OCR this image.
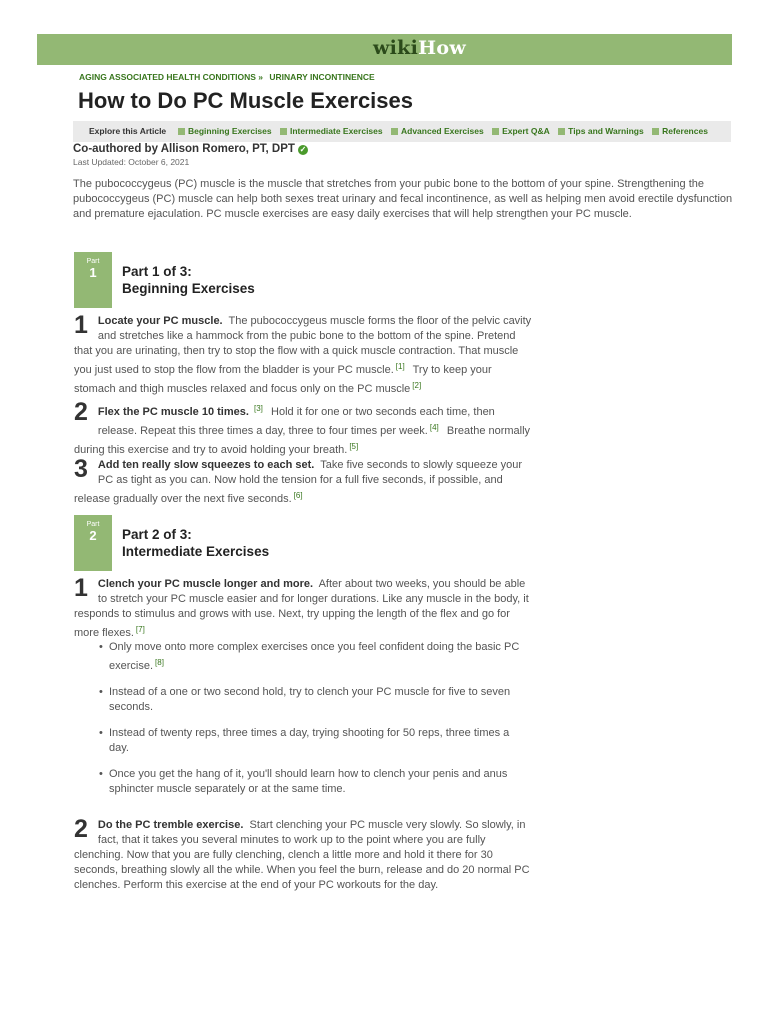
wikiHow
AGING ASSOCIATED HEALTH CONDITIONS » URINARY INCONTINENCE
How to Do PC Muscle Exercises
Explore this Article	Beginning Exercises Intermediate Exercises Advanced Exercises Expert Q&A Tips and Warnings References
Co-authored by Allison Romero, PT, DPT ✓
Last Updated: October 6, 2021

The pubococcygeus (PC) muscle is the muscle that stretches from your pubic bone to the bottom of your spine. Strengthening the pubococcygeus (PC) muscle can help both sexes treat urinary and fecal incontinence, as well as helping men avoid erectile dysfunction and premature ejaculation. PC muscle exercises are easy daily exercises that will help strengthen your PC muscle.

Part
1	Part 1 of 3:
Beginning Exercises
1 Locate your PC muscle. The pubococcygeus muscle forms the floor of the pelvic cavity and stretches like a hammock from the pubic bone to the bottom of the spine. Pretend that you are urinating, then try to stop the flow with a quick muscle contraction. That muscle you just used to stop the flow from the bladder is your PC muscle. [1] Try to keep your stomach and thigh muscles relaxed and focus only on the PC muscle [2]
2 Flex the PC muscle 10 times. [3] Hold it for one or two seconds each time, then release. Repeat this three times a day, three to four times per week. [4] Breathe normally during this exercise and try to avoid holding your breath. [5]
3 Add ten really slow squeezes to each set. Take five seconds to slowly squeeze your PC as tight as you can. Now hold the tension for a full five seconds, if possible, and release gradually over the next five seconds. [6]
Part
2	Part 2 of 3:
Intermediate Exercises
1 Clench your PC muscle longer and more. After about two weeks, you should be able to stretch your PC muscle easier and for longer durations. Like any muscle in the body, it responds to stimulus and grows with use. Next, try upping the length of the flex and go for more flexes. [7]
• Only move onto more complex exercises once you feel confident doing the basic PC exercise. [8]
• Instead of a one or two second hold, try to clench your PC muscle for five to seven seconds.
• Instead of twenty reps, three times a day, trying shooting for 50 reps, three times a day.
• Once you get the hang of it, you'll should learn how to clench your penis and anus sphincter muscle separately or at the same time.
2 Do the PC tremble exercise. Start clenching your PC muscle very slowly. So slowly, in fact, that it takes you several minutes to work up to the point where you are fully clenching. Now that you are fully clenching, clench a little more and hold it there for 30 seconds, breathing slowly all the while. When you feel the burn, release and do 20 normal PC clenches. Perform this exercise at the end of your PC workouts for the day.
